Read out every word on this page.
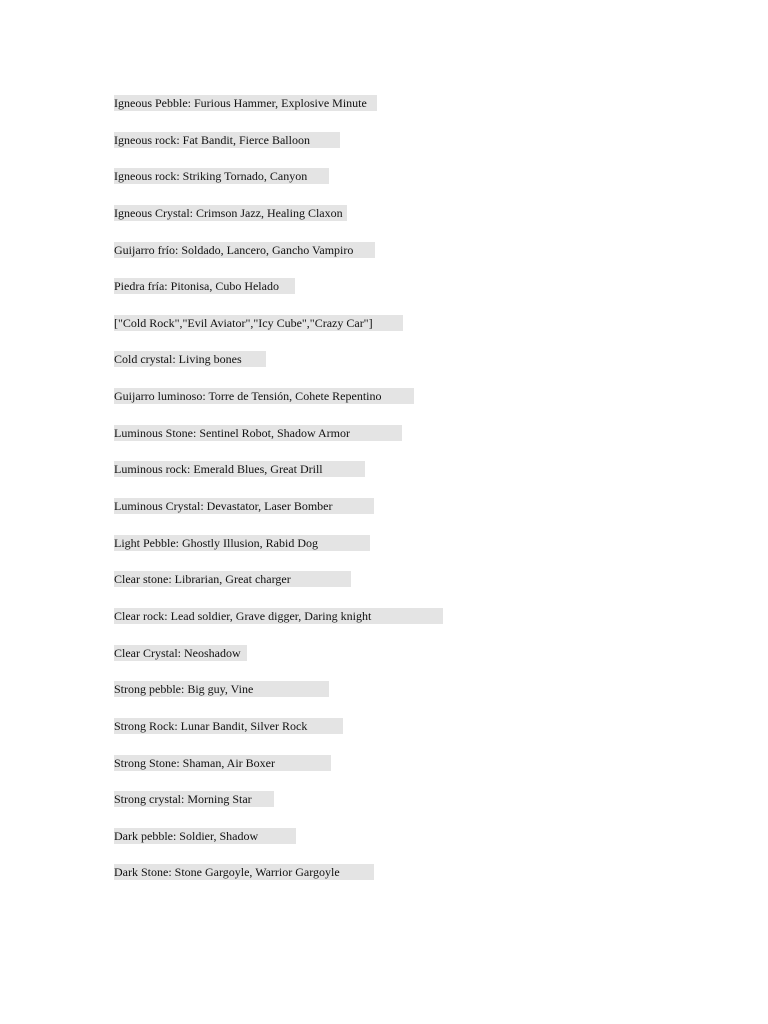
Igneous Pebble: Furious Hammer, Explosive Minute
Igneous rock: Fat Bandit, Fierce Balloon
Igneous rock: Striking Tornado, Canyon
Igneous Crystal: Crimson Jazz, Healing Claxon
Guijarro frío: Soldado, Lancero, Gancho Vampiro
Piedra fría: Pitonisa, Cubo Helado
["Cold Rock","Evil Aviator","Icy Cube","Crazy Car"]
Cold crystal: Living bones
Guijarro luminoso: Torre de Tensión, Cohete Repentino
Luminous Stone: Sentinel Robot, Shadow Armor
Luminous rock: Emerald Blues, Great Drill
Luminous Crystal: Devastator, Laser Bomber
Light Pebble: Ghostly Illusion, Rabid Dog
Clear stone: Librarian, Great charger
Clear rock: Lead soldier, Grave digger, Daring knight
Clear Crystal: Neoshadow
Strong pebble: Big guy, Vine
Strong Rock: Lunar Bandit, Silver Rock
Strong Stone: Shaman, Air Boxer
Strong crystal: Morning Star
Dark pebble: Soldier, Shadow
Dark Stone: Stone Gargoyle, Warrior Gargoyle
